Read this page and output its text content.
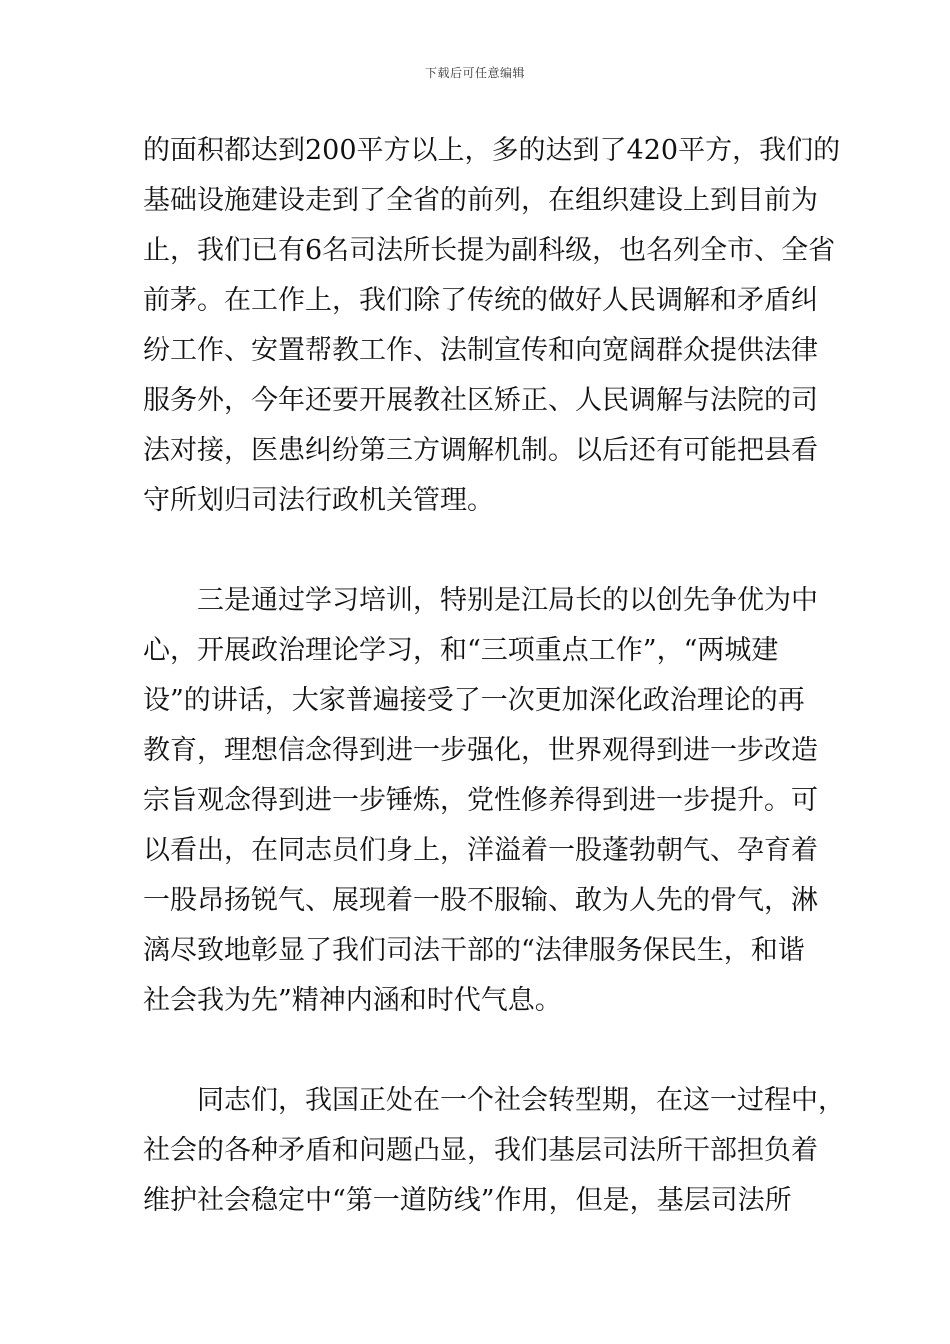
下载后可任意编辑
的面积都达到200平方以上，多的达到了420平方，我们的
基础设施建设走到了全省的前列，在组织建设上到目前为
止，我们已有6名司法所长提为副科级，也名列全市、全省
前茅。在工作上，我们除了传统的做好人民调解和矛盾纠
纷工作、安置帮教工作、法制宣传和向宽阔群众提供法律
服务外，今年还要开展教社区矫正、人民调解与法院的司
法对接，医患纠纷第三方调解机制。以后还有可能把县看
守所划归司法行政机关管理。
　　三是通过学习培训，特别是江局长的以创先争优为中
心，开展政治理论学习，和“三项重点工作”，“两城建
设”的讲话，大家普遍接受了一次更加深化政治理论的再
教育，理想信念得到进一步强化，世界观得到进一步改造
宗旨观念得到进一步锤炼，党性修养得到进一步提升。可
以看出，在同志员们身上，洋溢着一股蓬勃朝气、孕育着
一股昂扬锐气、展现着一股不服输、敢为人先的骨气，淋
漓尽致地彰显了我们司法干部的“法律服务保民生，和谐
社会我为先”精神内涵和时代气息。
　　同志们，我国正处在一个社会转型期，在这一过程中，
社会的各种矛盾和问题凸显，我们基层司法所干部担负着
维护社会稳定中“第一道防线”作用，但是，基层司法所
